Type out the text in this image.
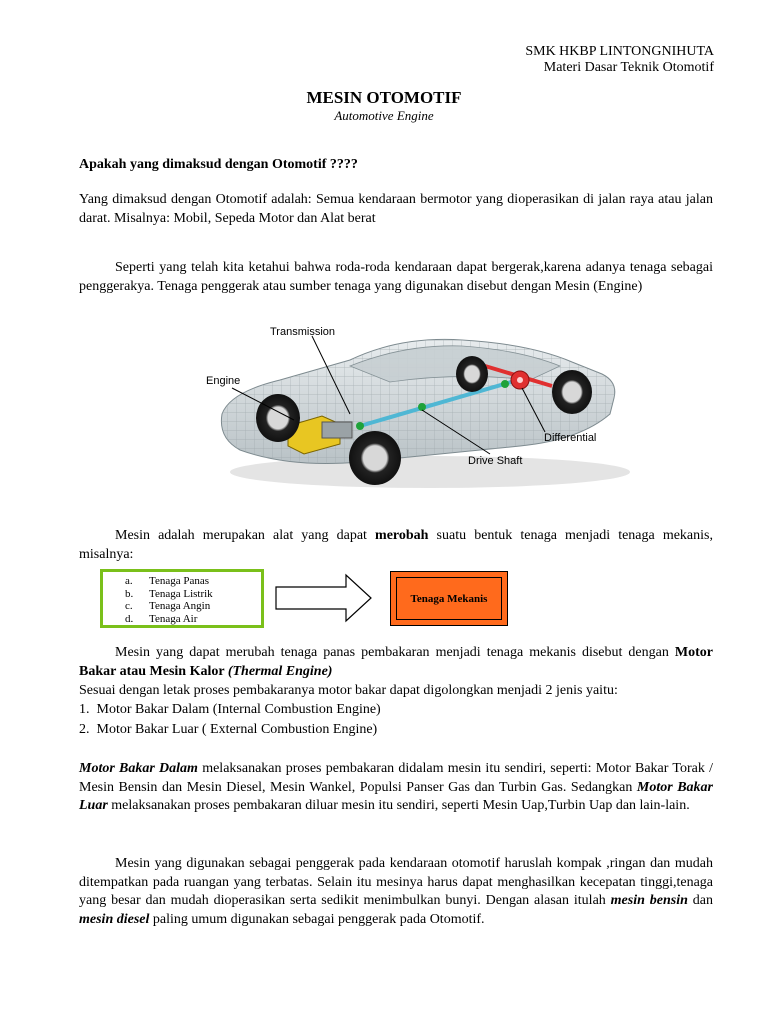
SMK HKBP LINTONGNIHUTA
Materi Dasar Teknik Otomotif
MESIN OTOMOTIF
Automotive Engine

Apakah yang dimaksud dengan Otomotif ????

Yang dimaksud dengan Otomotif adalah: Semua kendaraan bermotor yang dioperasikan di jalan raya atau jalan darat. Misalnya: Mobil, Sepeda Motor dan Alat berat

Seperti yang telah kita ketahui bahwa roda-roda kendaraan dapat bergerak,karena adanya tenaga sebagai penggerakya. Tenaga penggerak atau sumber tenaga yang digunakan disebut dengan Mesin (Engine)

Transmission
Engine
Differential
Drive Shaft

Mesin adalah merupakan alat yang dapat merobah suatu bentuk tenaga menjadi tenaga mekanis, misalnya:

a. Tenaga Panas
b. Tenaga Listrik
c. Tenaga Angin
d. Tenaga Air
Tenaga Mekanis

Mesin yang dapat merubah tenaga panas pembakaran menjadi tenaga mekanis disebut dengan Motor Bakar atau Mesin Kalor (Thermal Engine)

Sesuai dengan letak proses pembakaranya motor bakar dapat digolongkan menjadi 2 jenis yaitu:

1. Motor Bakar Dalam (Internal Combustion Engine)

2. Motor Bakar Luar ( External Combustion Engine)

Motor Bakar Dalam melaksanakan proses pembakaran didalam mesin itu sendiri, seperti: Motor Bakar Torak / Mesin Bensin dan Mesin Diesel, Mesin Wankel, Populsi Panser Gas dan Turbin Gas. Sedangkan Motor Bakar Luar melaksanakan proses pembakaran diluar mesin itu sendiri, seperti Mesin Uap,Turbin Uap dan lain-lain.

Mesin yang digunakan sebagai penggerak pada kendaraan otomotif haruslah kompak ,ringan dan mudah ditempatkan pada ruangan yang terbatas. Selain itu mesinya harus dapat menghasilkan kecepatan tinggi,tenaga yang besar dan mudah dioperasikan serta sedikit menimbulkan bunyi. Dengan alasan itulah mesin bensin dan mesin diesel paling umum digunakan sebagai penggerak pada Otomotif.
